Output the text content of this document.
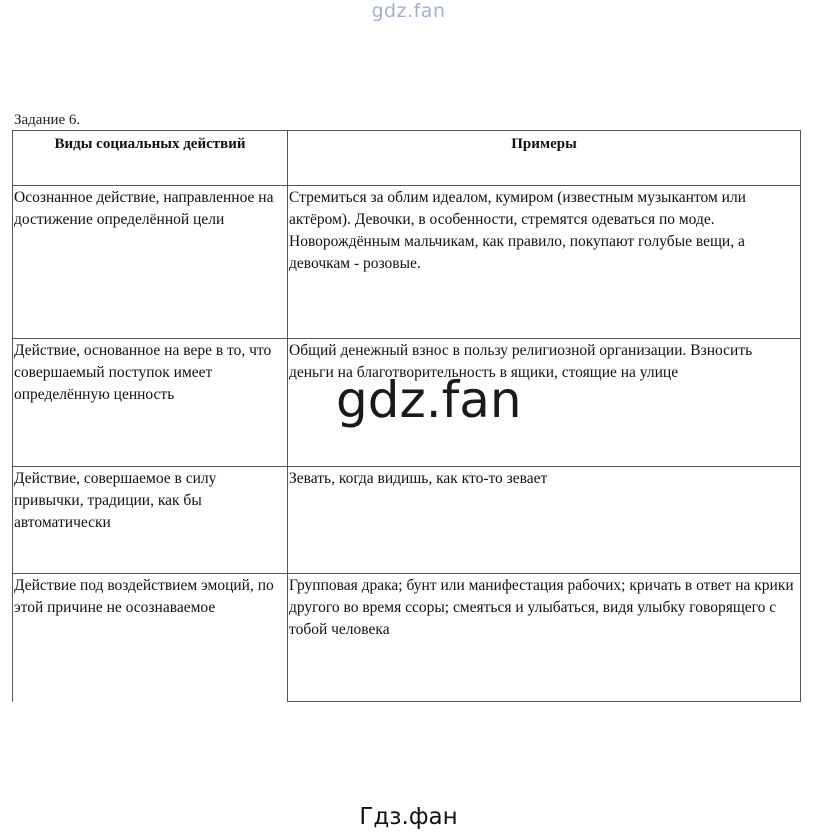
gdz.fan
Задание 6.
Виды социальных действий	Примеры
Осознанное действие, направленное на достижение определённой цели
Стремиться за облим идеалом, кумиром (известным музыкантом или актёром). Девочки, в особенности, стремятся одеваться по моде. Новорождённым мальчикам, как правило, покупают голубые вещи, а девочкам - розовые.
Действие, основанное на вере в то, что совершаемый поступок имеет определённую ценность
Общий денежный взнос в пользу религиозной организации. Взносить деньги на благотворительность в ящики, стоящие на улице
Действие, совершаемое в силу привычки, традиции, как бы автоматически
Зевать, когда видишь, как кто-то зевает
Действие под воздействием эмоций, по этой причине не осознаваемое
Групповая драка; бунт или манифестация рабочих; кричать в ответ на крики другого во время ссоры; смеяться и улыбаться, видя улыбку говорящего с тобой человека
gdz.fan
Гдз.фан
